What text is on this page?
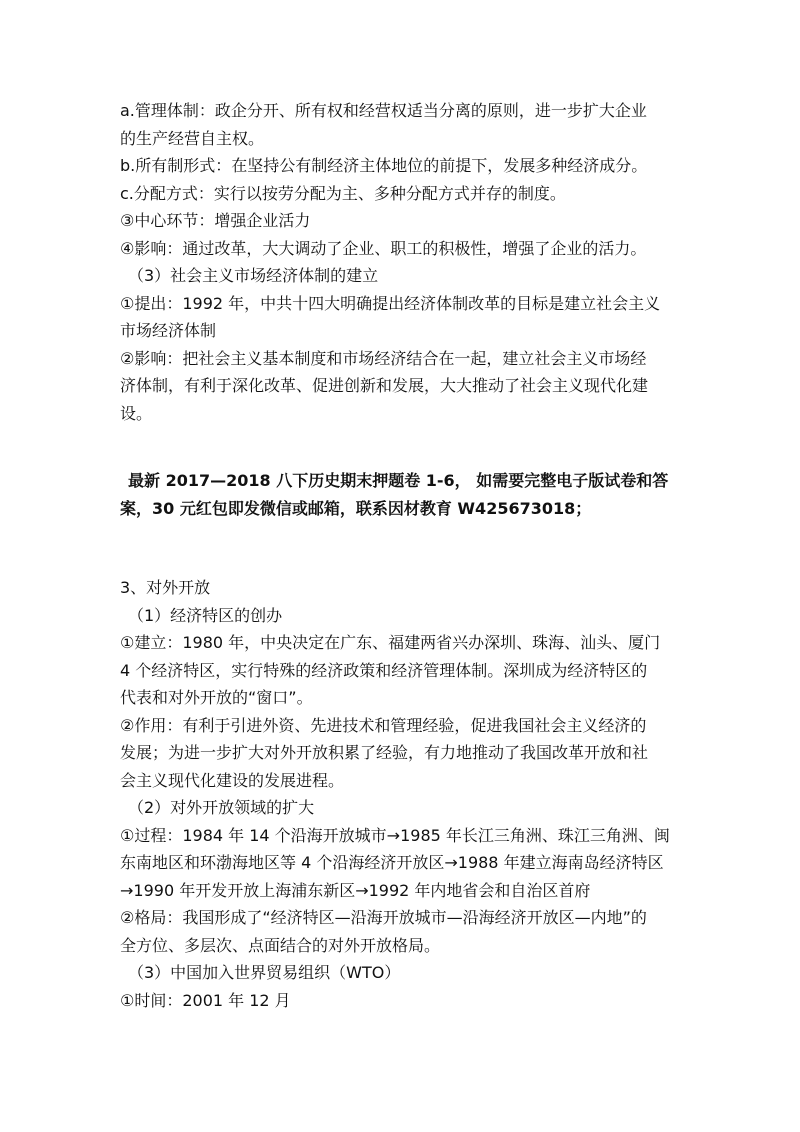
a.管理体制：政企分开、所有权和经营权适当分离的原则，进一步扩大企业
的生产经营自主权。
b.所有制形式：在坚持公有制经济主体地位的前提下，发展多种经济成分。
c.分配方式：实行以按劳分配为主、多种分配方式并存的制度。
③中心环节：增强企业活力
④影响：通过改革，大大调动了企业、职工的积极性，增强了企业的活力。
（3）社会主义市场经济体制的建立
①提出：1992 年，中共十四大明确提出经济体制改革的目标是建立社会主义
市场经济体制
②影响：把社会主义基本制度和市场经济结合在一起，建立社会主义市场经
济体制，有利于深化改革、促进创新和发展，大大推动了社会主义现代化建
设。
最新 2017—2018 八下历史期末押题卷 1-6， 如需要完整电子版试卷和答
案，30 元红包即发微信或邮箱，联系因材教育 W425673018；
3、对外开放
（1）经济特区的创办
①建立：1980 年，中央决定在广东、福建两省兴办深圳、珠海、汕头、厦门
4 个经济特区，实行特殊的经济政策和经济管理体制。深圳成为经济特区的
代表和对外开放的“窗口”。
②作用：有利于引进外资、先进技术和管理经验，促进我国社会主义经济的
发展；为进一步扩大对外开放积累了经验，有力地推动了我国改革开放和社
会主义现代化建设的发展进程。
（2）对外开放领域的扩大
①过程：1984 年 14 个沿海开放城市→1985 年长江三角洲、珠江三角洲、闽
东南地区和环渤海地区等 4 个沿海经济开放区→1988 年建立海南岛经济特区
→1990 年开发开放上海浦东新区→1992 年内地省会和自治区首府
②格局：我国形成了“经济特区—沿海开放城市—沿海经济开放区—内地”的
全方位、多层次、点面结合的对外开放格局。
（3）中国加入世界贸易组织（WTO）
①时间：2001 年 12 月
